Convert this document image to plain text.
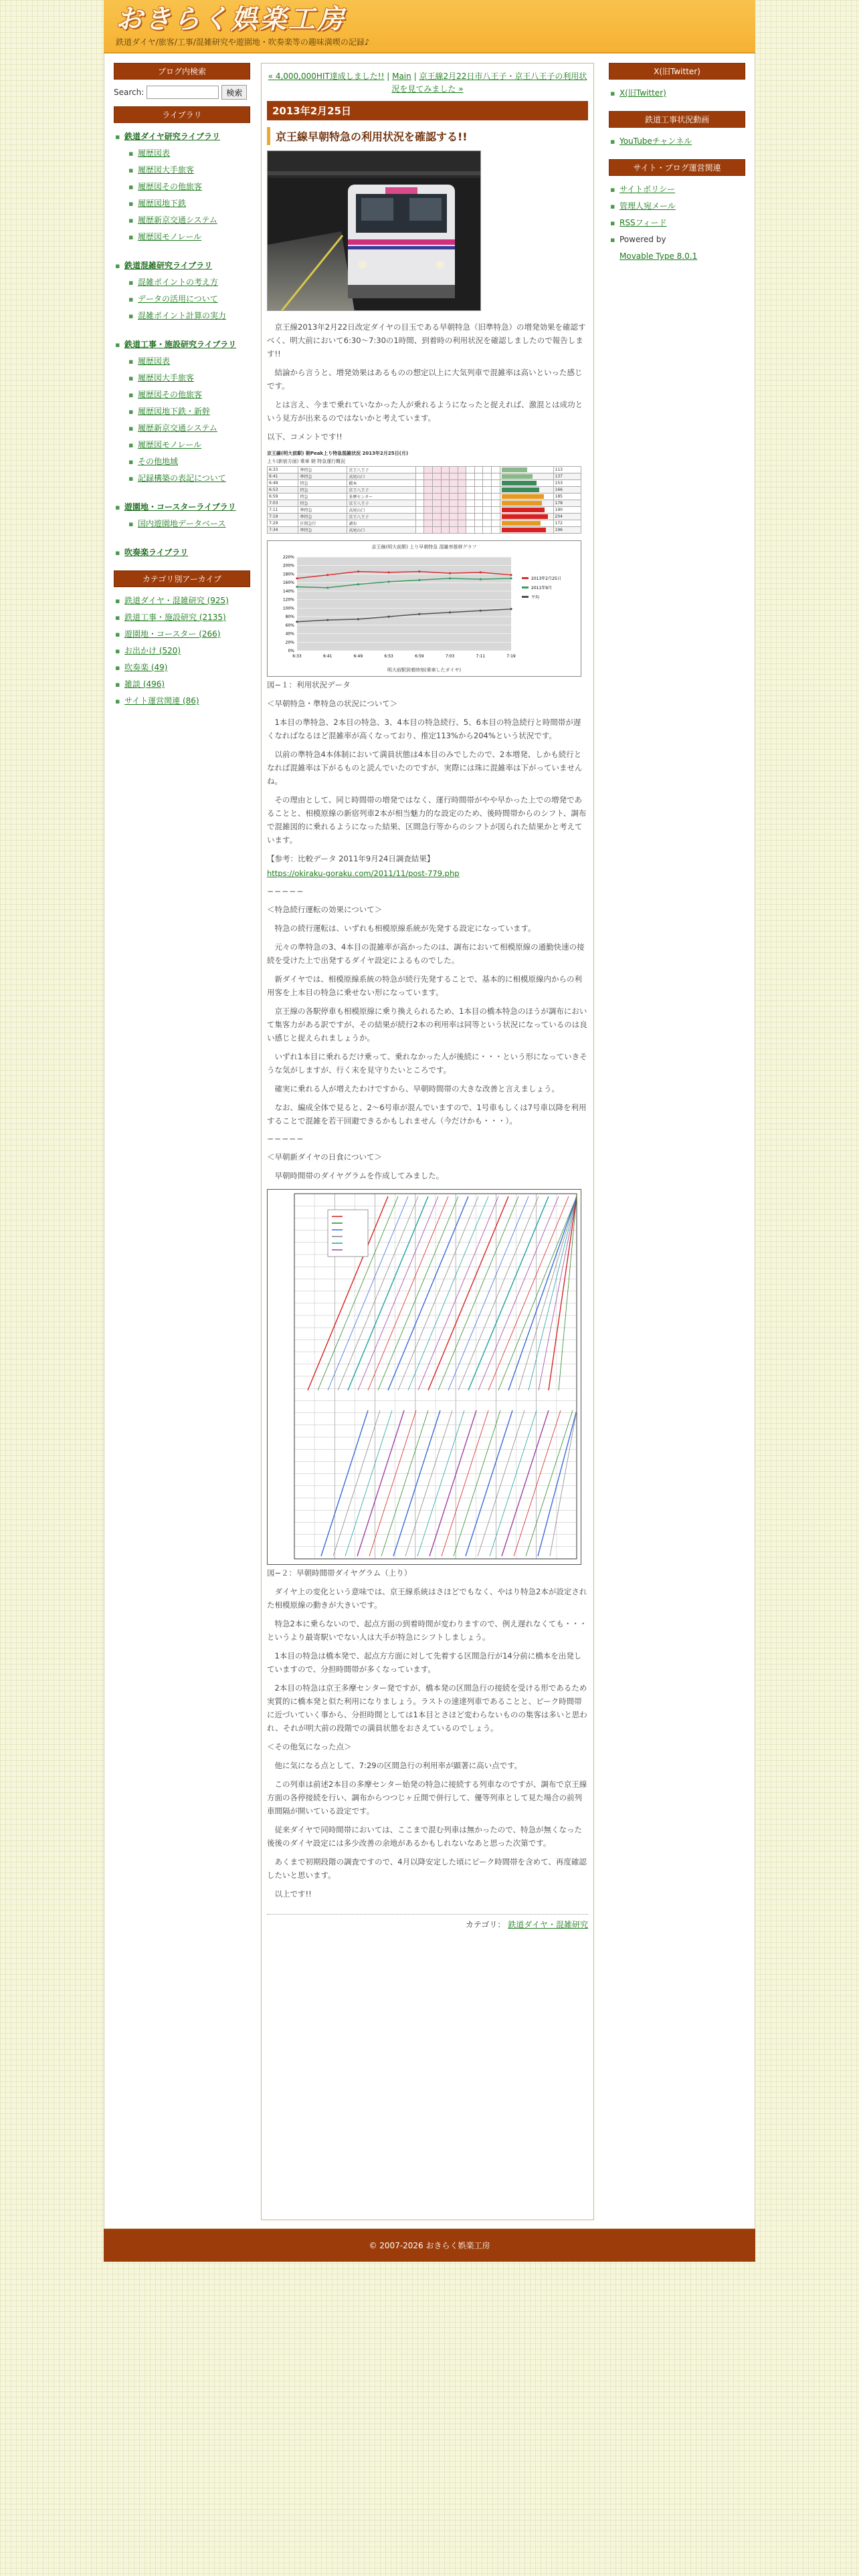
おきらく娯楽工房
鉄道ダイヤ/旅客/工事/混雑研究や遊園地・吹奏楽等の趣味満喫の記録♪
ブログ内検索
Search:	検索
ライブラリ
▪ 鉄道ダイヤ研究ライブラリ
▪ 履歴図表
▪ 履歴図大手旅客
▪ 履歴図その他旅客
▪ 履歴図地下鉄
▪ 履歴新京交通システム
▪ 履歴図モノレール
▪ 鉄道混雑研究ライブラリ
▪ 混雑ポイントの考え方
▪ データの活用について
▪ 混雑ポイント計算の実力
▪ 鉄道工事・施設研究ライブラリ
▪ 履歴図表
▪ 履歴図大手旅客
▪ 履歴図その他旅客
▪ 履歴図地下鉄・新幹
▪ 履歴新京交通システム
▪ 履歴図モノレール
▪ その他地域
▪ 記録構築の表記について
▪ 遊園地・コースターライブラリ
▪ 国内遊園地データベース
▪ 吹奏楽ライブラリ
カテゴリ別アーカイブ
▪ 鉄道ダイヤ・混雑研究 (925)
▪ 鉄道工事・施設研究 (2135)
▪ 遊園地・コースター (266)
▪ お出かけ (520)
▪ 吹奏楽 (49)
▪ 雑談 (496)
▪ サイト運営関連 (86)
« 4,000,000HIT達成しました!! | Main | 京王線2月22日市八王子・京王八王子の利用状況を見てみました »
2013年2月25日
京王線早朝特急の利用状況を確認する!!

京王線2013年2月22日改定ダイヤの目玉である早朝特急（旧準特急）の増発効果を確認すべく、明大前において6:30〜7:30の1時間、到着時の利用状況を確認しましたので報告します!!

結論から言うと、増発効果はあるものの想定以上に大気列車で混雑率は高いといった感じです。

とは言え、今まで乗れていなかった人が乗れるようになったと捉えれば、激混とは成功という見方が出来るのではないかと考えています。

以下、コメントです!!

京王線(明大前駅) 朝Peak上り特急混雑状況 2013年2月25日(月)
上り(新宿方面) 乗車 朝 特急運行概況
6:33	準特急	京王八王子												113
6:41	準特急	高尾山口												137
6:49	特急	橋本												153
6:53	特急	京王八王子												166
6:59	特急	多摩センター												185
7:03	特急	京王八王子												178
7:11	準特急	高尾山口												190
7:19	準特急	京王八王子												204
7:29	区間急行	調布												172
7:34	準特急	高尾山口												196
京王線(明大前駅) 上り早朝特急 混雑率推移グラフ
0%
20%
40%
60%
80%
100%
120%
140%
160%
180%
200%
220%
6:33	6:41	6:49	6:53	6:59	7:03	7:11	7:19
2013年2月25日
2011年9月
平均
明大前駅到着時刻(乗車したダイヤ)
図−１：利用状況データ

＜早朝特急・準特急の状況について＞

1本目の準特急、2本目の特急、3、4本目の特急続行、5、6本目の特急続行と時間帯が遅くなればなるほど混雑率が高くなっており、推定113%から204%という状況です。

以前の準特急4本体制において満員状態は4本目のみでしたので、2本増発、しかも続行となれば混雑率は下がるものと読んでいたのですが、実際には珠に混雑率は下がっていませんね。

その理由として、同じ時間帯の増発ではなく、運行時間帯がやや早かった上での増発であることと、相模原線の新宿列車2本が相当魅力的な設定のため、後時間帯からのシフト、調布で混雑図的に乗れるようになった結果、区間急行等からのシフトが図られた結果かと考えています。

【参考：比較データ 2011年9月24日調査結果】

https://okiraku-goraku.com/2011/11/post-779.php

−−−−−

＜特急続行運転の効果について＞

特急の続行運転は、いずれも相模原線系統が先発する設定になっています。

元々の準特急の3、4本目の混雑率が高かったのは、調布において相模原線の通勤快速の接続を受けた上で出発するダイヤ設定によるものでした。

新ダイヤでは、相模原線系統の特急が続行先発することで、基本的に相模原線内からの利用客を上本目の特急に乗せない形になっています。

京王線の各駅停車も相模原線に乗り換えられるため、1本目の橋本特急のほうが調布において集客力がある訳ですが、その結果が続行2本の利用率は同等という状況になっているのは良い感じと捉えられましょうか。

いずれ1本目に乗れるだけ乗って、乗れなかった人が後続に・・・という形になっていきそうな気がしますが、行く末を見守りたいところです。

確実に乗れる人が増えたわけですから、早朝時間帯の大きな改善と言えましょう。

なお、編成全体で見ると、2〜6号車が混んでいますので、1号車もしくは7号車以降を利用することで混雑を若干回避できるかもしれません（今だけかも・・・）。

−−−−−

＜早朝新ダイヤの日食について＞

早朝時間帯のダイヤグラムを作成してみました。

図−２：早朝時間帯ダイヤグラム（上り）

ダイヤ上の変化という意味では、京王線系統はさほどでもなく、やはり特急2本が設定された相模原線の動きが大きいです。

特急2本に乗らないので、起点方面の到着時間が変わりますので、例え遅れなくても・・・というより最寄駅いでない人は大手が特急にシフトしましょう。

1本目の特急は橋本発で、起点方方面に対して先着する区間急行が14分前に橋本を出発していますので、分担時間帯が多くなっています。

2本目の特急は京王多摩センター発ですが、橋本発の区間急行の接続を受ける形であるため実質的に橋本発と似た利用になりましょう。ラストの速達列車であることと、ピーク時間帯に近づいていく事から、分担時間としては1本目とさほど変わらないものの集客は多いと思われ、それが明大前の段階での満員状態をおさえているのでしょう。

＜その他気になった点＞

他に気になる点として、7:29の区間急行の利用率が顕著に高い点です。

この列車は前述2本目の多摩センター始発の特急に接続する列車なのですが、調布で京王線方面の各停接続を行い、調布からつつじヶ丘間で併行して、優等列車として見た場合の前列車間隔が開いている設定です。

従来ダイヤで同時間帯においては、ここまで混む列車は無かったので、特急が無くなった後後のダイヤ設定には多少改善の余地があるかもしれないなあと思った次第です。

あくまで初期段階の調査ですので、4月以降安定した頃にピーク時間帯を含めて、再度確認したいと思います。

以上です!!

カテゴリ： 鉄道ダイヤ・混雑研究
X(旧Twitter)
▪ X(旧Twitter)
鉄道工事状況動画
▪ YouTubeチャンネル
サイト・ブログ運営関連
▪ サイトポリシー
▪ 管理人宛メール
▪ RSSフィード
▪ Powered by
Movable Type 8.0.1
© 2007-2026 おきらく娯楽工房
